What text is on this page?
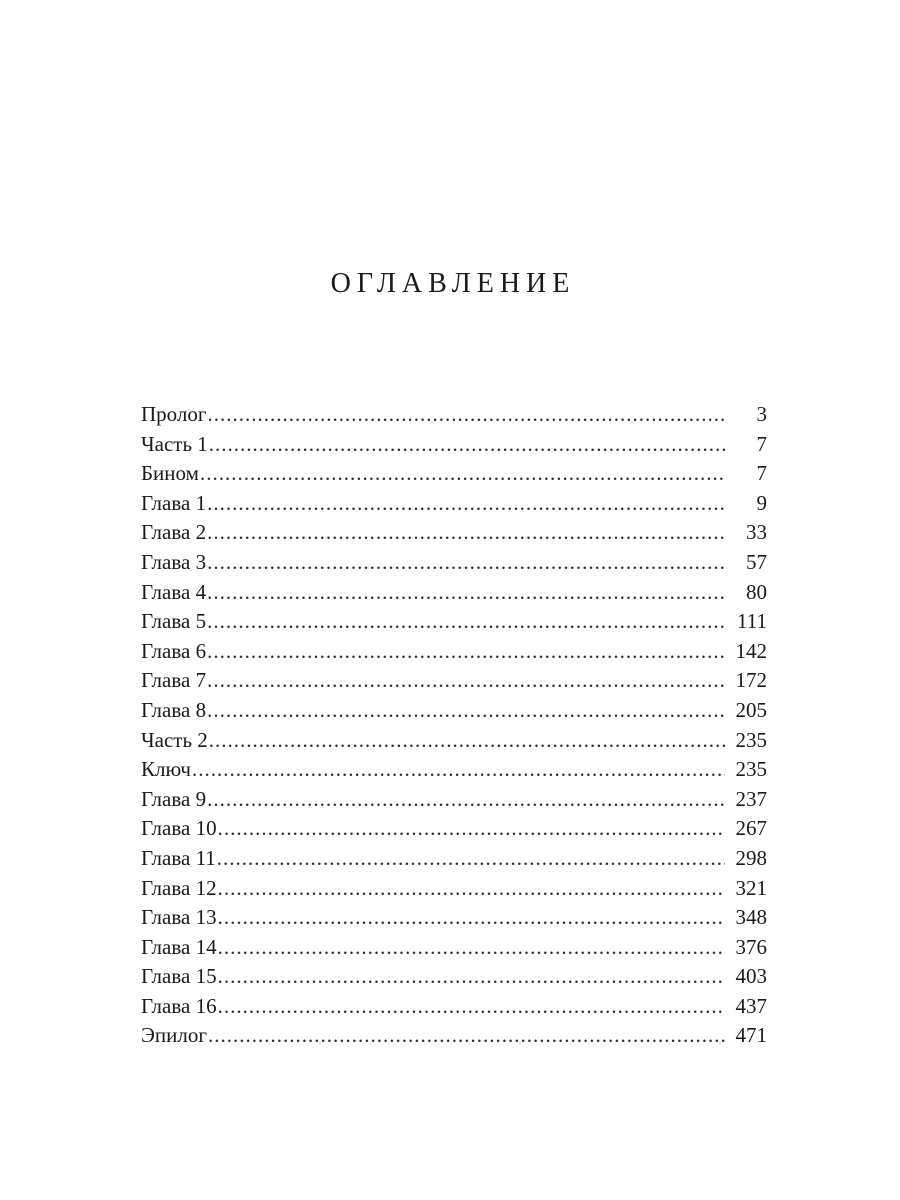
ОГЛАВЛЕНИЕ
Пролог .....	3
Часть 1 .....	7
Бином .....	7
Глава 1 .....	9
Глава 2 .....	33
Глава 3 .....	57
Глава 4 .....	80
Глава 5 .....	111
Глава 6 .....	142
Глава 7 .....	172
Глава 8 .....	205
Часть 2 .....	235
Ключ .....	235
Глава 9 .....	237
Глава 10 .....	267
Глава 11 .....	298
Глава 12 .....	321
Глава 13 .....	348
Глава 14 .....	376
Глава 15 .....	403
Глава 16 .....	437
Эпилог .....	471
